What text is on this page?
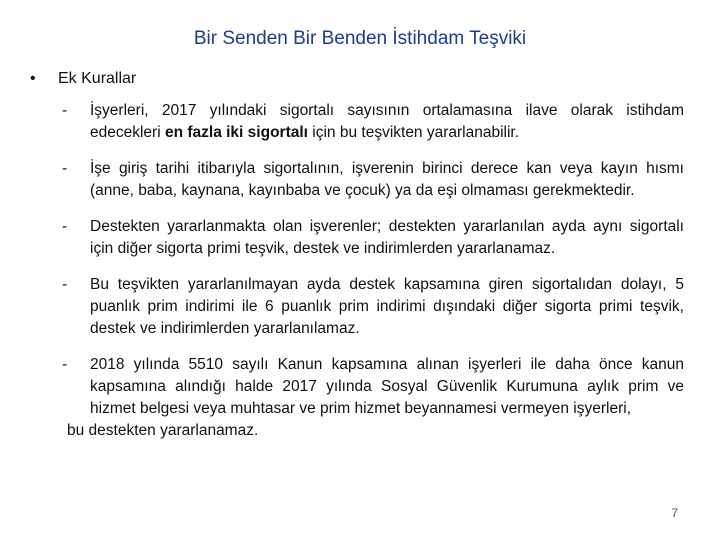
Bir Senden Bir Benden İstihdam Teşviki
• Ek Kurallar
- İşyerleri, 2017 yılındaki sigortalı sayısının ortalamasına ilave olarak istihdam edecekleri en fazla iki sigortalı için bu teşvikten yararlanabilir.

- İşe giriş tarihi itibarıyla sigortalının, işverenin birinci derece kan veya kayın hısmı (anne, baba, kaynana, kayınbaba ve çocuk) ya da eşi olmaması gerekmektedir.

- Destekten yararlanmakta olan işverenler; destekten yararlanılan ayda aynı sigortalı için diğer sigorta primi teşvik, destek ve indirimlerden yararlanamaz.

- Bu teşvikten yararlanılmayan ayda destek kapsamına giren sigortalıdan dolayı, 5 puanlık prim indirimi ile 6 puanlık prim indirimi dışındaki diğer sigorta primi teşvik, destek ve indirimlerden yararlanılamaz.

- 2018 yılında 5510 sayılı Kanun kapsamına alınan işyerleri ile daha önce kanun kapsamına alındığı halde 2017 yılında Sosyal Güvenlik Kurumuna aylık prim ve hizmet belgesi veya muhtasar ve prim hizmet beyannamesi vermeyen işyerleri,

bu destekten yararlanamaz.

7
